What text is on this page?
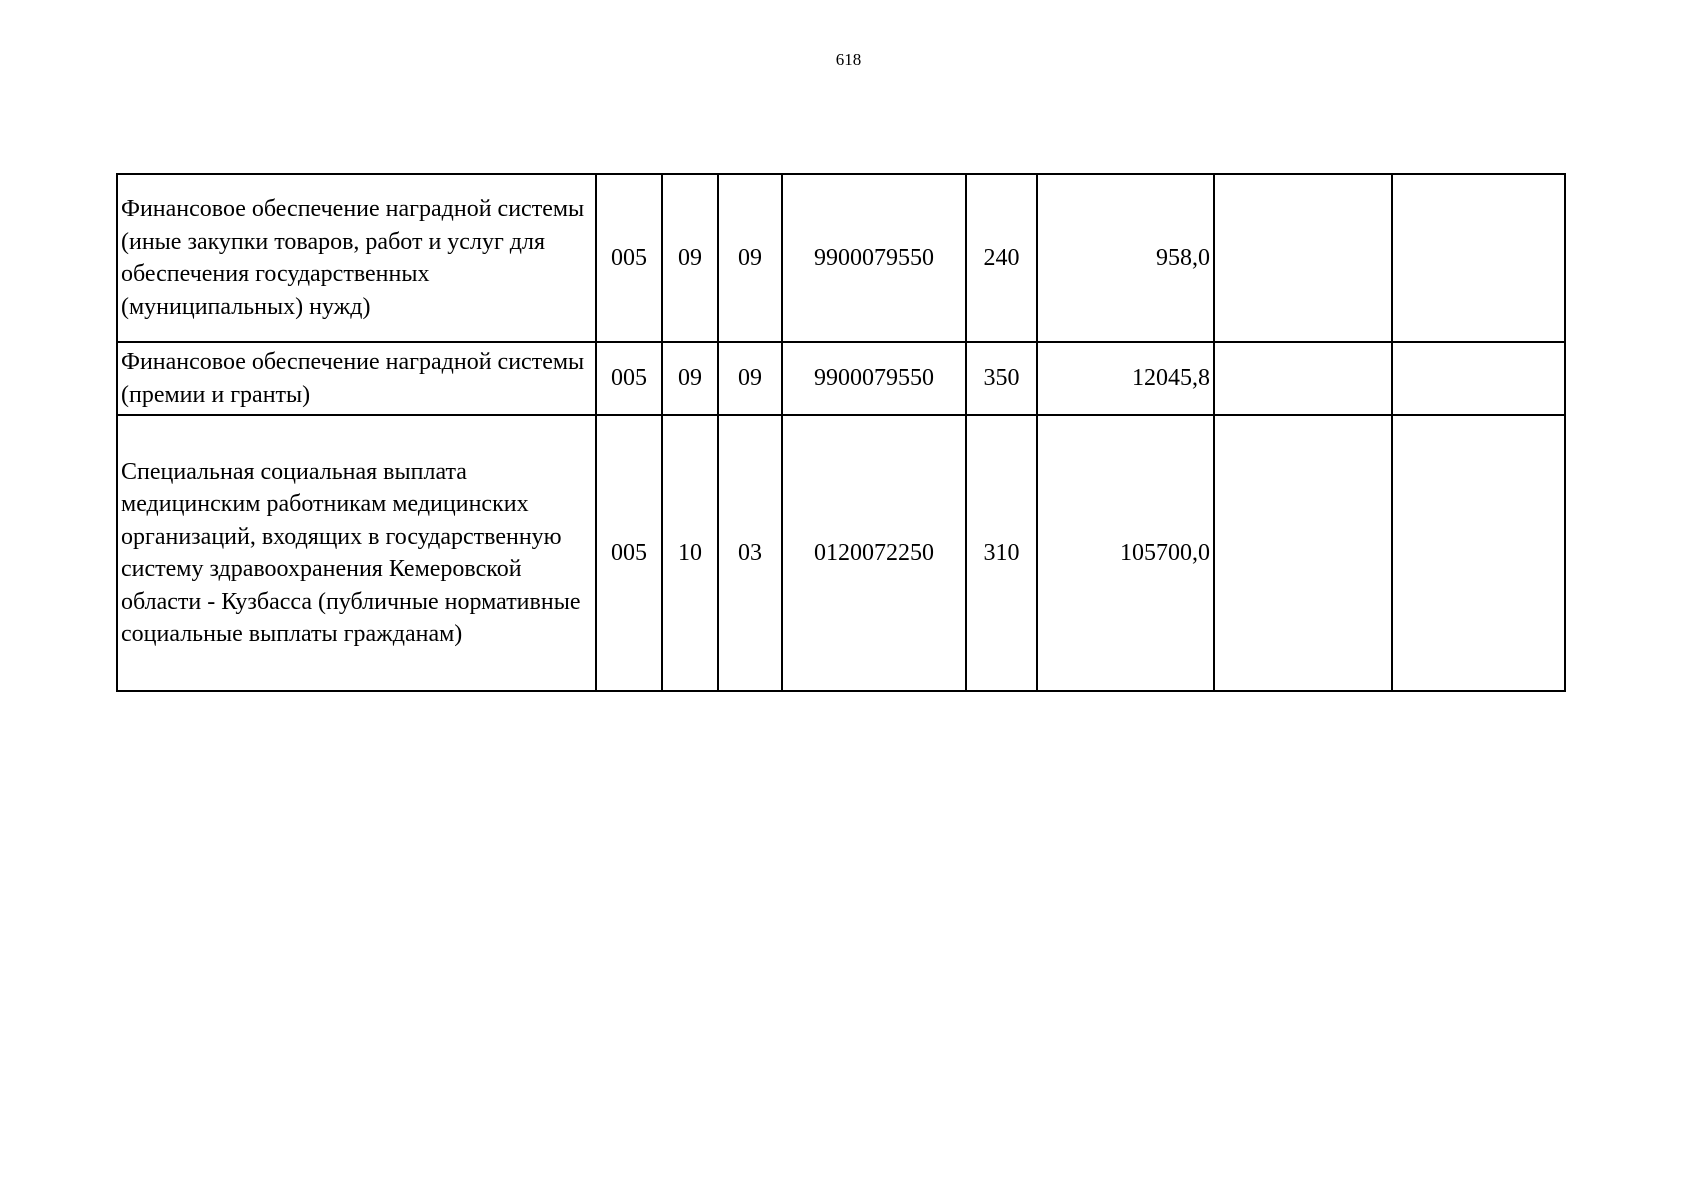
618
Финансовое обеспечение наградной системы (иные закупки товаров, работ и услуг для обеспечения государственных (муниципальных) нужд)	005	09	09	9900079550	240	958,0		
Финансовое обеспечение наградной системы (премии и гранты)	005	09	09	9900079550	350	12045,8		
Специальная социальная выплата медицинским работникам медицинских организаций, входящих в государственную систему здравоохранения Кемеровской области - Кузбасса (публичные нормативные социальные выплаты гражданам)	005	10	03	0120072250	310	105700,0		
